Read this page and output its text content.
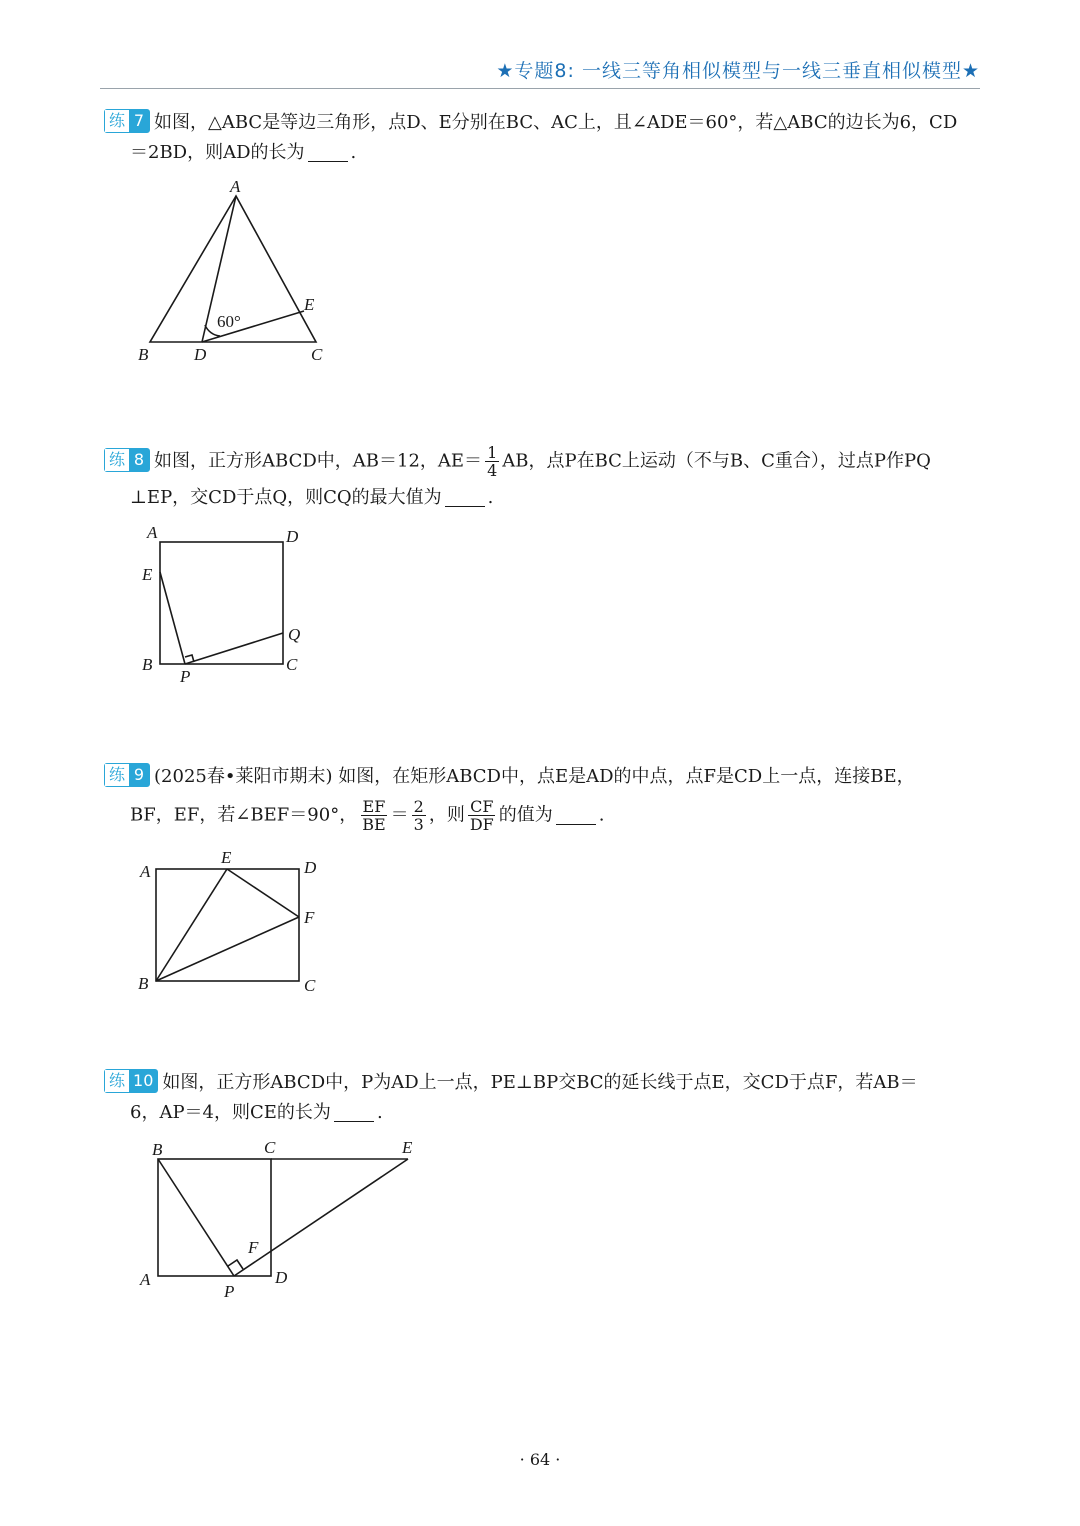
★专题8: 一线三等角相似模型与一线三垂直相似模型★
练 7 如图，△ABC是等边三角形，点D、E分别在BC、AC上，且∠ADE＝60°，若△ABC的边长为6，CD
＝2BD，则AD的长为	.
A
B	C
D
E
60°
练 8 如图，正方形ABCD中，AB＝12，$AE= \frac{1}{4}$ AB，点P在BC上运动（不与B、C重合），过点P作PQ
⊥EP，交CD于点Q，则CQ的最大值为	.
A	D
E
Q
B	C
P
练 9 (2025春•莱阳市期末) 如图，在矩形ABCD中，点E是AD的中点，点F是CD上一点，连接BE，
BF，EF，若∠BEF＝90°， $\frac{EF}{BE} = \frac{2}{3}$ ，则 $\frac{CF}{DF}$ 的值为	.
A
E
D
F
B	C
练 10 如图，正方形ABCD中，P为AD上一点，PE⊥BP交BC的延长线于点E，交CD于点F，若AB＝
6，AP＝4，则CE的长为	.
B	C	E
F
A	D
P
· 64 ·
